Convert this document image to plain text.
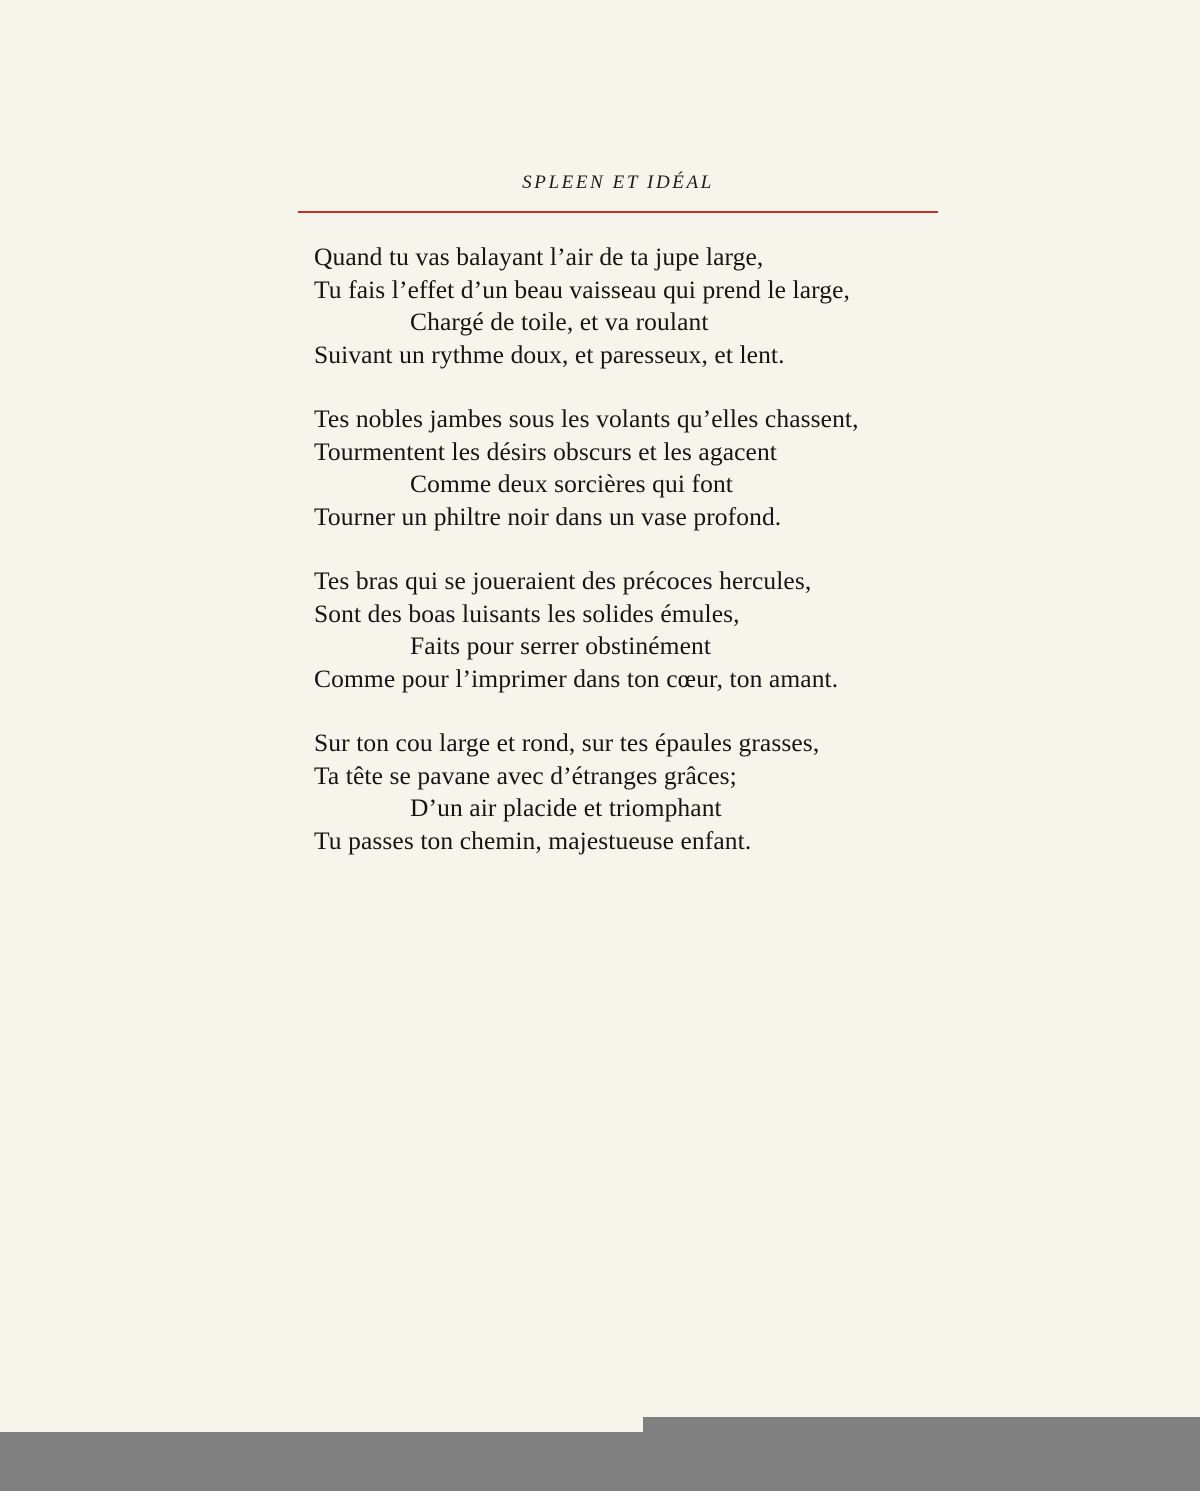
SPLEEN ET IDÉAL
Quand tu vas balayant l’air de ta jupe large,
Tu fais l’effet d’un beau vaisseau qui prend le large,
Chargé de toile, et va roulant
Suivant un rythme doux, et paresseux, et lent.
Tes nobles jambes sous les volants qu’elles chassent,
Tourmentent les désirs obscurs et les agacent
Comme deux sorcières qui font
Tourner un philtre noir dans un vase profond.
Tes bras qui se joueraient des précoces hercules,
Sont des boas luisants les solides émules,
Faits pour serrer obstinément
Comme pour l’imprimer dans ton cœur, ton amant.
Sur ton cou large et rond, sur tes épaules grasses,
Ta tête se pavane avec d’étranges grâces;
D’un air placide et triomphant
Tu passes ton chemin, majestueuse enfant.
